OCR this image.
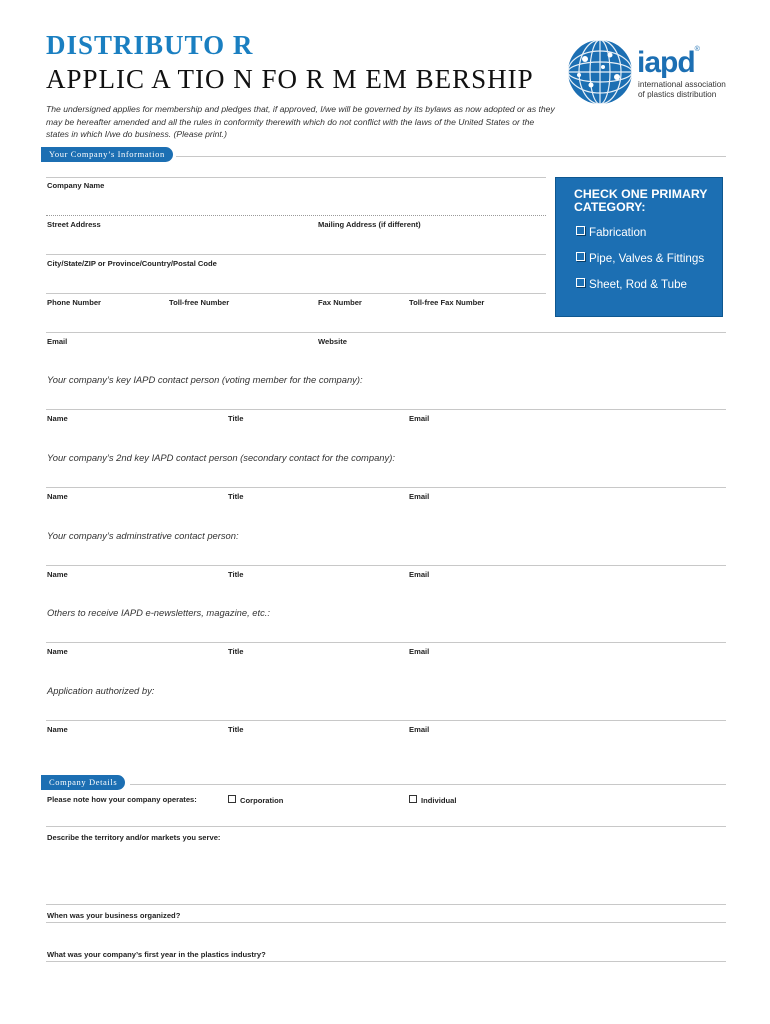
DISTRIBUTO R
APPLIC A TIO N FO R M EM BERSHIP
The undersigned applies for membership and pledges that, if approved, I/we will be governed by its bylaws as now adopted or as they may be hereafter amended and all the rules in conformity therewith which do not conflict with the laws of the United States or the states in which I/we do business. (Please print.)
iapd®
international association
of plastics distribution
Your Company’s Information
Company Name
Street Address	Mailing Address (if different)
City/State/ZIP or Province/Country/Postal Code
Phone Number	Toll-free Number	Fax Number	Toll-free Fax Number
Email	Website
CHECK ONE PRIMARY
CATEGORY:
Fabrication
Pipe, Valves & Fittings
Sheet, Rod & Tube
Your company’s key IAPD contact person (voting member for the company):
Name	Title	Email
Your company’s 2nd key IAPD contact person (secondary contact for the company):
Name	Title	Email
Your company’s adminstrative contact person:
Name	Title	Email
Others to receive IAPD e-newsletters, magazine, etc.:
Name	Title	Email
Application authorized by:
Name	Title	Email
Company Details
Please note how your company operates:	Corporation	Individual
Describe the territory and/or markets you serve:
When was your business organized?
What was your company’s first year in the plastics industry?
